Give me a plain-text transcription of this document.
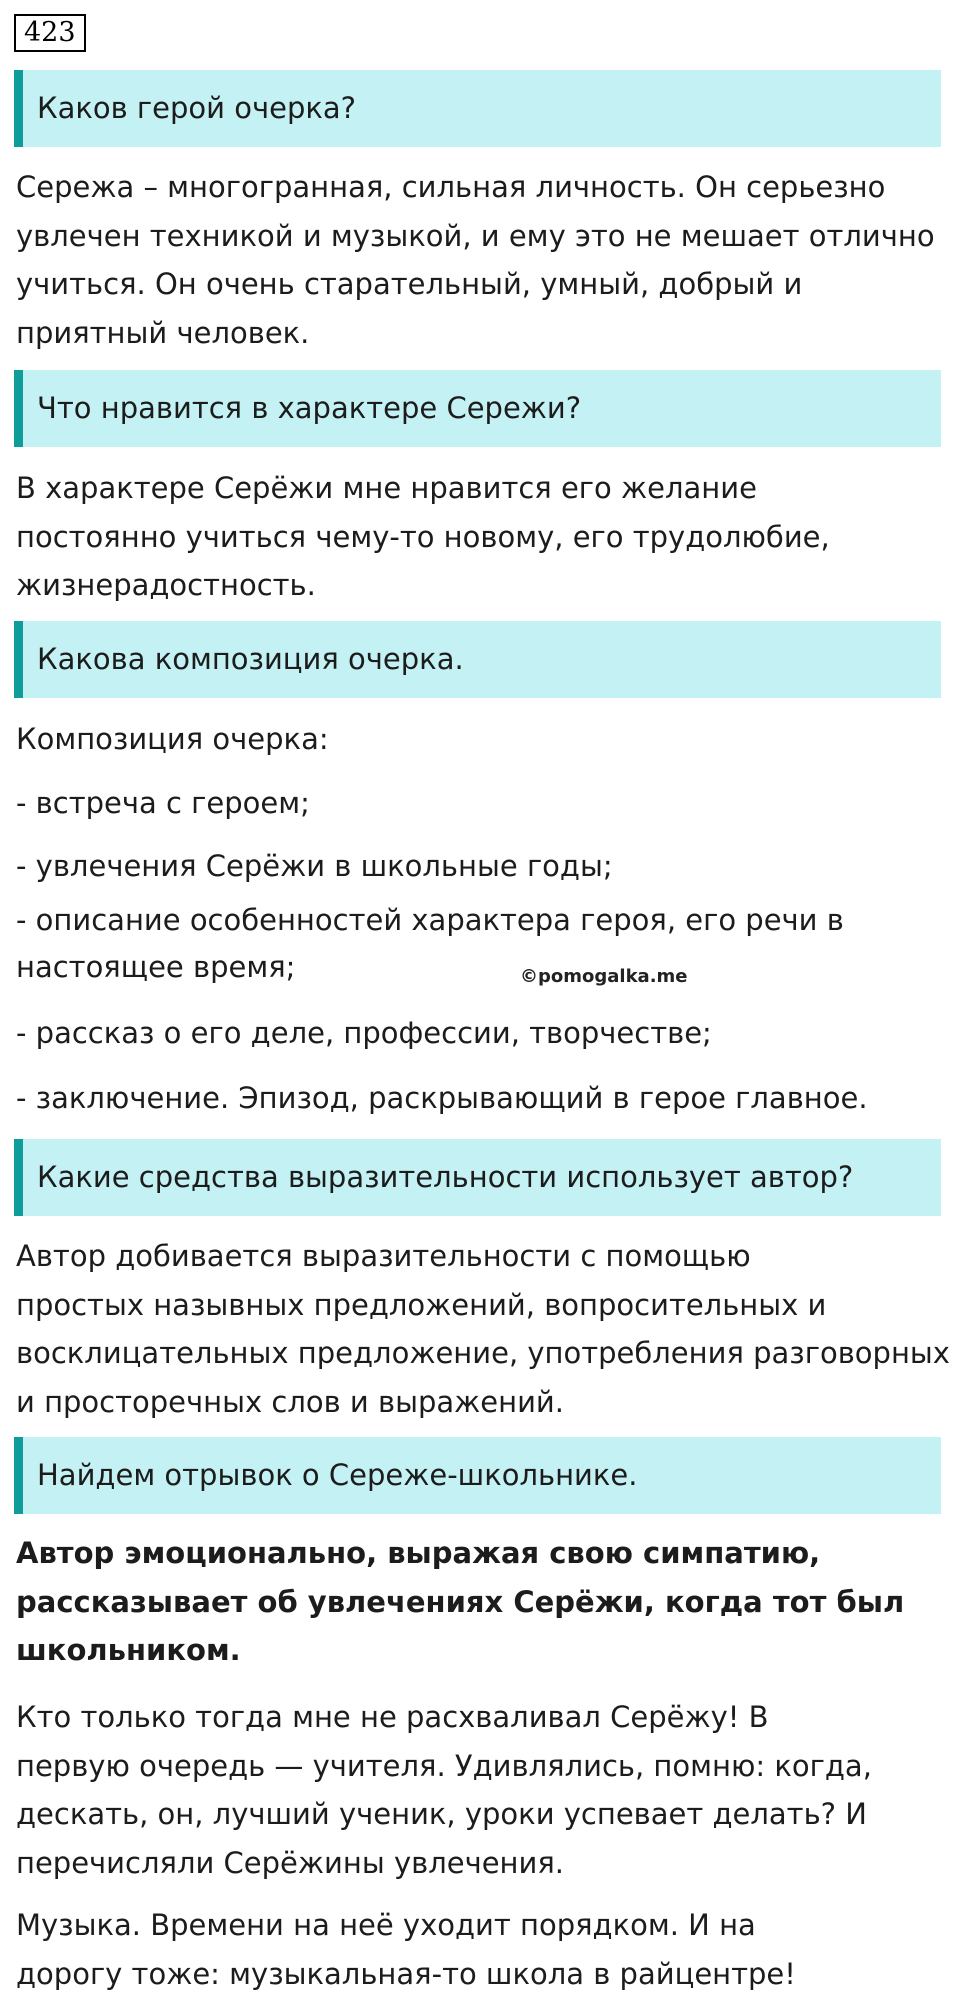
423
Каков герой очерка?

Сережа – многогранная, сильная личность. Он серьезно
увлечен техникой и музыкой, и ему это не мешает отлично
учиться. Он очень старательный, умный, добрый и
приятный человек.

Что нравится в характере Сережи?

В характере Серёжи мне нравится его желание
постоянно учиться чему-то новому, его трудолюбие,
жизнерадостность.

Какова композиция очерка.

Композиция очерка:

- встреча с героем;

- увлечения Серёжи в школьные годы;

- описание особенностей характера героя, его речи в

настоящее время;	©pomogalka.me

- рассказ о его деле, профессии, творчестве;

- заключение. Эпизод, раскрывающий в герое главное.

Какие средства выразительности использует автор?

Автор добивается выразительности с помощью
простых назывных предложений, вопросительных и
восклицательных предложение, употребления разговорных
и просторечных слов и выражений.

Найдем отрывок о Сереже-школьнике.

Автор эмоционально, выражая свою симпатию,
рассказывает об увлечениях Серёжи, когда тот был
школьником.

Кто только тогда мне не расхваливал Серёжу! В
первую очередь — учителя. Удивлялись, помню: когда,
дескать, он, лучший ученик, уроки успевает делать? И
перечисляли Серёжины увлечения.

Музыка. Времени на неё уходит порядком. И на
дорогу тоже: музыкальная-то школа в райцентре!
